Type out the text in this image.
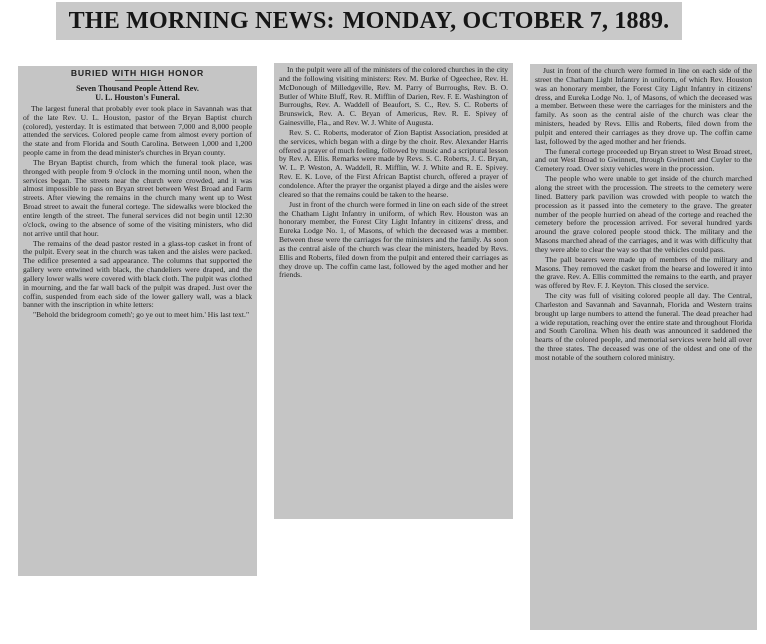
THE MORNING NEWS: MONDAY, OCTOBER 7, 1889.
BURIED WITH HIGH HONOR
Seven Thousand People Attend Rev.
U. L. Houston's Funeral.

The largest funeral that probably ever took place in Savannah was that of the late Rev. U. L. Houston, pastor of the Bryan Baptist church (colored), yesterday. It is estimated that between 7,000 and 8,000 people attended the services. Colored people came from almost every portion of the state and from Florida and South Carolina. Between 1,000 and 1,200 people came in from the dead minister's churches in Bryan county.

The Bryan Baptist church, from which the funeral took place, was thronged with people from 9 o'clock in the morning until noon, when the services began. The streets near the church were crowded, and it was almost impossible to pass on Bryan street between West Broad and Farm streets. After viewing the remains in the church many went up to West Broad street to await the funeral cortege. The sidewalks were blocked the entire length of the street. The funeral services did not begin until 12:30 o'clock, owing to the absence of some of the visiting ministers, who did not arrive until that hour.

The remains of the dead pastor rested in a glass-top casket in front of the pulpit. Every seat in the church was taken and the aisles were packed. The edifice presented a sad appearance. The columns that supported the gallery were entwined with black, the chandeliers were draped, and the gallery lower walls were covered with black cloth. The pulpit was clothed in mourning, and the far wall back of the pulpit was draped. Just over the coffin, suspended from each side of the lower gallery wall, was a black banner with the inscription in white letters:

"Behold the bridegroom cometh'; go ye out to meet him.' His last text."

In the pulpit were all of the ministers of the colored churches in the city and the following visiting ministers: Rev. M. Burke of Ogeechee, Rev. H. McDonough of Milledgeville, Rev. M. Parry of Burroughs, Rev. B. O. Butler of White Bluff, Rev. R. Mifflin of Darien, Rev. F. E. Washington of Burroughs, Rev. A. Waddell of Beaufort, S. C., Rev. S. C. Roberts of Brunswick, Rev. A. C. Bryan of Americus, Rev. R. E. Spivey of Gainesville, Fla., and Rev. W. J. White of Augusta.

Rev. S. C. Roberts, moderator of Zion Baptist Association, presided at the services, which began with a dirge by the choir. Rev. Alexander Harris offered a prayer of much feeling, followed by music and a scriptural lesson by Rev. A. Ellis. Remarks were made by Revs. S. C. Roberts, J. C. Bryan, W. L. P. Weston, A. Waddell, R. Mifflin, W. J. White and R. E. Spivey. Rev. E. K. Love, of the First African Baptist church, offered a prayer of condolence. After the prayer the organist played a dirge and the aisles were cleared so that the remains could be taken to the hearse.

Just in front of the church were formed in line on each side of the street the Chatham Light Infantry in uniform, of which Rev. Houston was an honorary member, the Forest City Light Infantry in citizens' dress, and Eureka Lodge No. 1, of Masons, of which the deceased was a member. Between these were the carriages for the ministers and the family. As soon as the central aisle of the church was clear the ministers, headed by Revs. Ellis and Roberts, filed down from the pulpit and entered their carriages as they drove up. The coffin came last, followed by the aged mother and her friends.

Just in front of the church were formed in line on each side of the street the Chatham Light Infantry in uniform, of which Rev. Houston was an honorary member, the Forest City Light Infantry in citizens' dress, and Eureka Lodge No. 1, of Masons, of which the deceased was a member. Between these were the carriages for the ministers and the family. As soon as the central aisle of the church was clear the ministers, headed by Revs. Ellis and Roberts, filed down from the pulpit and entered their carriages as they drove up. The coffin came last, followed by the aged mother and her friends.

The funeral cortege proceeded up Bryan street to West Broad street, and out West Broad to Gwinnett, through Gwinnett and Cuyler to the Cemetery road. Over sixty vehicles were in the procession.

The people who were unable to get inside of the church marched along the street with the procession. The streets to the cemetery were lined. Battery park pavilion was crowded with people to watch the procession as it passed into the cemetery to the grave. The greater number of the people hurried on ahead of the cortege and reached the cemetery before the procession arrived. For several hundred yards around the grave colored people stood thick. The military and the Masons marched ahead of the carriages, and it was with difficulty that they were able to clear the way so that the vehicles could pass.

The pall bearers were made up of members of the military and Masons. They removed the casket from the hearse and lowered it into the grave. Rev. A. Ellis committed the remains to the earth, and prayer was offered by Rev. F. J. Keyton. This closed the service.

The city was full of visiting colored people all day. The Central, Charleston and Savannah and Savannah, Florida and Western trains brought up large numbers to attend the funeral. The dead preacher had a wide reputation, reaching over the entire state and throughout Florida and South Carolina. When his death was announced it saddened the hearts of the colored people, and memorial services were held all over the three states. The deceased was one of the oldest and one of the most notable of the southern colored ministry.
